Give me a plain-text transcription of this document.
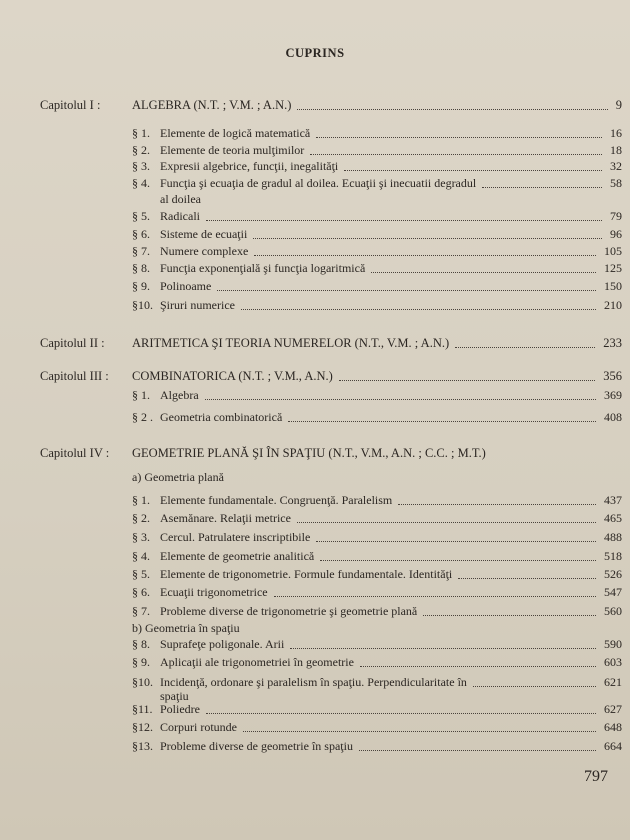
CUPRINS
Capitolul I :	ALGEBRA (N.T. ; V.M. ; A.N.)	9
§ 1. Elemente de logică matematică	16
§ 2. Elemente de teoria mulţimilor	18
§ 3. Expresii algebrice, funcţii, inegalităţi	32
§ 4. Funcţia şi ecuaţia de gradul al doilea. Ecuaţii şi inecuatii degradul	58
al doilea
§ 5. Radicali	79
§ 6. Sisteme de ecuaţii	96
§ 7. Numere complexe	105
§ 8. Funcţia exponenţială şi funcţia logaritmică	125
§ 9. Polinoame	150
§10. Şiruri numerice	210
Capitolul II : ARITMETICA ŞI TEORIA NUMERELOR (N.T., V.M. ; A.N.)	233
Capitolul III : COMBINATORICA (N.T. ; V.M., A.N.)	356
§ 1. Algebra	369
§ 2 . Geometria combinatorică	408
Capitolul IV : GEOMETRIE PLANĂ ŞI ÎN SPAŢIU (N.T., V.M., A.N. ; C.C. ; M.T.)
a) Geometria plană
§ 1. Elemente fundamentale. Congruenţă. Paralelism	437
§ 2. Asemănare. Relaţii metrice	465
§ 3. Cercul. Patrulatere inscriptibile	488
§ 4. Elemente de geometrie analitică	518
§ 5. Elemente de trigonometrie. Formule fundamentale. Identităţi	526
§ 6. Ecuaţii trigonometrice	547
§ 7. Probleme diverse de trigonometrie şi geometrie plană	560
b) Geometria în spaţiu
§ 8. Suprafeţe poligonale. Arii	590
§ 9. Aplicaţii ale trigonometriei în geometrie	603
§10. Incidenţă, ordonare şi paralelism în spaţiu. Perpendicularitate în	621
spaţiu
§11. Poliedre	627
§12. Corpuri rotunde	648
§13. Probleme diverse de geometrie în spaţiu	664
797
